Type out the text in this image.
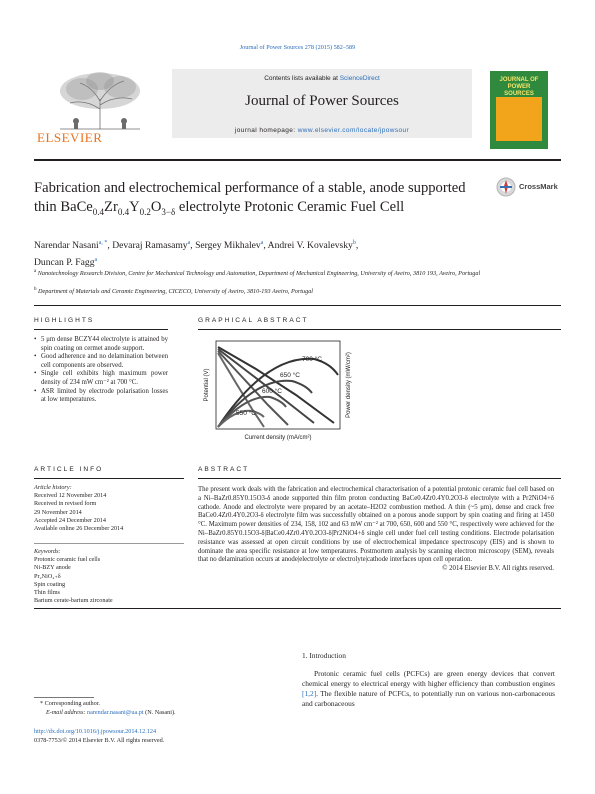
Journal of Power Sources 278 (2015) 582–589
ELSEVIER
Contents lists available at ScienceDirect
Journal of Power Sources
journal homepage: www.elsevier.com/locate/jpowsour
JOURNAL OF POWER SOURCES
Fabrication and electrochemical performance of a stable, anode supported thin $BaCe_{0.4}Zr_{0.4}Y_{0.2}O_{3-\delta}$ electrolyte Protonic Ceramic Fuel Cell
CrossMark
Narendar Nasani$^{a, *}$, Devaraj Ramasamy$^a$, Sergey Mikhalev$^a$, Andrei V. Kovalevsky$^b$,
Duncan P. Fagg$^a$
$^a$ Nanotechnology Research Division, Centre for Mechanical Technology and Automation, Department of Mechanical Engineering, University of Aveiro, 3810 193, Aveiro, Portugal
$^b$ Department of Materials and Ceramic Engineering, CICECO, University of Aveiro, 3810-193 Aveiro, Portugal
HIGHLIGHTS
• 5 μm dense BCZY44 electrolyte is attained by spin coating on cermet anode support.
• Good adherence and no delamination between cell components are observed.
• Single cell exhibits high maximum power density of 234 mW cm⁻² at 700 °C.
• ASR limited by electrode polarisation losses at low temperatures.
GRAPHICAL ABSTRACT
700 °C
650 °C
600 °C
550 °C
Current density (mA/cm²)
Potential (V)	Power density (mW/cm²)
ARTICLE INFO
Article history:
Received 12 November 2014
Received in revised form
29 November 2014
Accepted 24 December 2014
Available online 26 December 2014
Keywords:
Protonic ceramic fuel cells
Ni-BZY anode
Pr₂NiO₄₊δ
Spin coating
Thin films
Barium cerate-barium zirconate
ABSTRACT
The present work deals with the fabrication and electrochemical characterisation of a potential protonic ceramic fuel cell based on a Ni–BaZr0.85Y0.15O3-δ anode supported thin film proton conducting BaCe0.4Zr0.4Y0.2O3-δ electrolyte with a Pr2NiO4+δ cathode. Anode and electrolyte were prepared by an acetate–H2O2 combustion method. A thin (~5 μm), dense and crack free BaCe0.4Zr0.4Y0.2O3-δ electrolyte film was successfully obtained on a porous anode support by spin coating and firing at 1450 °C. Maximum power densities of 234, 158, 102 and 63 mW cm⁻² at 700, 650, 600 and 550 °C, respectively were achieved for the Ni–BaZr0.85Y0.15O3-δ|BaCe0.4Zr0.4Y0.2O3-δ|Pr2NiO4+δ single cell under fuel cell testing conditions. Electrode polarisation resistance was assessed at open circuit conditions by use of electrochemical impedance spectroscopy (EIS) and is shown to dominate the area specific resistance at low temperatures. Postmortem analysis by scanning electron microscopy (SEM), reveals that no delamination occurs at anode|electrolyte or electrolyte|cathode interfaces upon cell operation.
© 2014 Elsevier B.V. All rights reserved.
1. Introduction
Protonic ceramic fuel cells (PCFCs) are green energy devices that convert chemical energy to electrical energy with higher efficiency than combustion engines [1,2]. The flexible nature of PCFCs, to potentially run on various non-carbonaceous and carbonaceous
* Corresponding author.
E-mail address: narendar.nasani@ua.pt (N. Nasani).
http://dx.doi.org/10.1016/j.jpowsour.2014.12.124
0378-7753/© 2014 Elsevier B.V. All rights reserved.
